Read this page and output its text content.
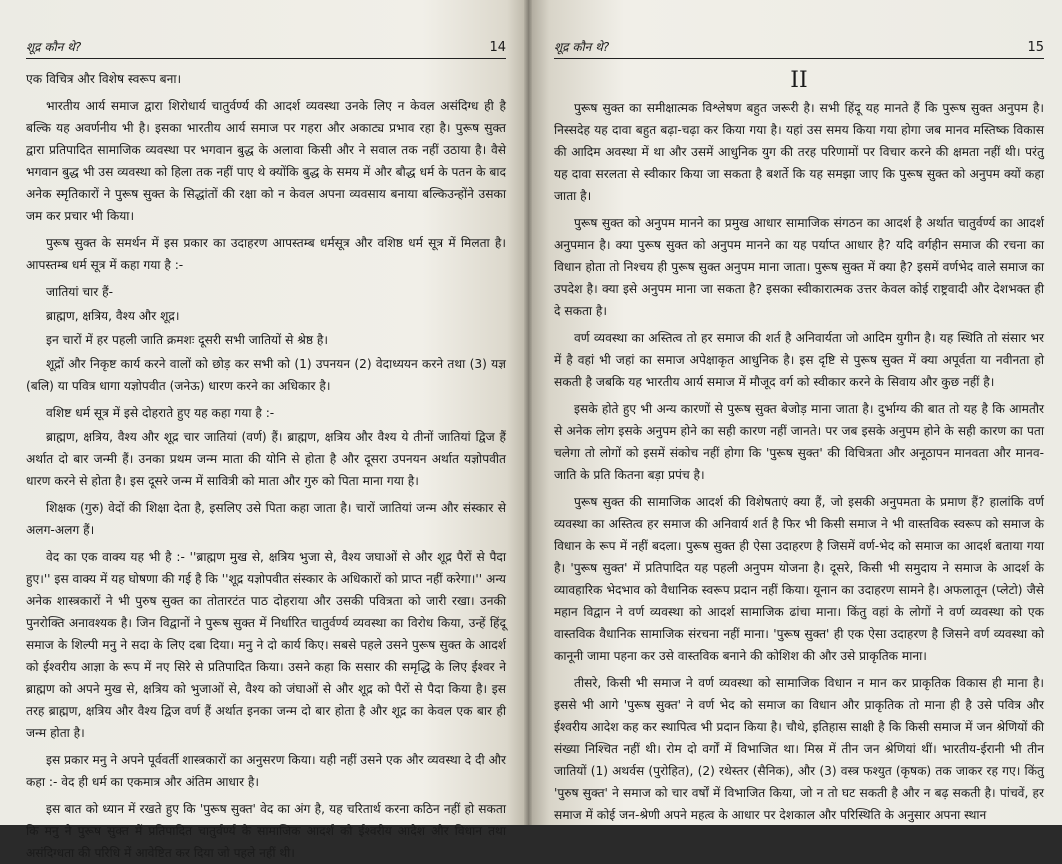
शूद्र कौन थे?	14

एक विचित्र और विशेष स्वरूप बना।

भारतीय आर्य समाज द्वारा शिरोधार्य चातुर्वर्ण्य की आदर्श व्यवस्था उनके लिए न केवल असंदिग्ध ही है बल्कि यह अवर्णनीय भी है। इसका भारतीय आर्य समाज पर गहरा और अकाट्य प्रभाव रहा है। पुरूष सुक्त द्वारा प्रतिपादित सामाजिक व्यवस्था पर भगवान बुद्ध के अलावा किसी और ने सवाल तक नहीं उठाया है। वैसे भगवान बुद्ध भी उस व्यवस्था को हिला तक नहीं पाए थे क्योंकि बुद्ध के समय में और बौद्ध धर्म के पतन के बाद अनेक स्मृतिकारों ने पुरूष सुक्त के सिद्धांतों की रक्षा को न केवल अपना व्यवसाय बनाया बल्किउन्होंने उसका जम कर प्रचार भी किया।

पुरूष सुक्त के समर्थन में इस प्रकार का उदाहरण आपस्तम्ब धर्मसूत्र और वशिष्ठ धर्म सूत्र में मिलता है। आपस्तम्ब धर्म सूत्र में कहा गया है :-

जातियां चार हैं-

ब्राह्मण, क्षत्रिय, वैश्य और शूद्र।

इन चारों में हर पहली जाति क्रमशः दूसरी सभी जातियों से श्रेष्ठ है।

शूद्रों और निकृष्ट कार्य करने वालों को छोड़ कर सभी को (1) उपनयन (2) वेदाध्ययन करने तथा (3) यज्ञ (बलि) या पवित्र धागा यज्ञोपवीत (जनेऊ) धारण करने का अधिकार है।

वशिष्ट धर्म सूत्र में इसे दोहराते हुए यह कहा गया है :-

ब्राह्मण, क्षत्रिय, वैश्य और शूद्र चार जातियां (वर्ण) हैं। ब्राह्मण, क्षत्रिय और वैश्य ये तीनों जातियां द्विज हैं अर्थात दो बार जन्मी हैं। उनका प्रथम जन्म माता की योनि से होता है और दूसरा उपनयन अर्थात यज्ञोपवीत धारण करने से होता है। इस दूसरे जन्म में सावित्री को माता और गुरु को पिता माना गया है।

शिक्षक (गुरु) वेदों की शिक्षा देता है, इसलिए उसे पिता कहा जाता है। चारों जातियां जन्म और संस्कार से अलग-अलग हैं।

वेद का एक वाक्य यह भी है :- ''ब्राह्मण मुख से, क्षत्रिय भुजा से, वैश्य जघाओं से और शूद्र पैरों से पैदा हुए।'' इस वाक्य में यह घोषणा की गई है कि ''शूद्र यज्ञोपवीत संस्कार के अधिकारों को प्राप्त नहीं करेगा।'' अन्य अनेक शास्त्रकारों ने भी पुरुष सुक्त का तोतारटंत पाठ दोहराया और उसकी पवित्रता को जारी रखा। उनकी पुनरोक्ति अनावश्यक है। जिन विद्वानों ने पुरूष सुक्त में निर्धारित चातुर्वर्ण्य व्यवस्था का विरोध किया, उन्हें हिंदू समाज के शिल्पी मनु ने सदा के लिए दबा दिया। मनु ने दो कार्य किए। सबसे पहले उसने पुरूष सुक्त के आदर्श को ईश्वरीय आज्ञा के रूप में नए सिरे से प्रतिपादित किया। उसने कहा कि ससार की समृद्धि के लिए ईश्वर ने ब्राह्मण को अपने मुख से, क्षत्रिय को भुजाओं से, वैश्य को जंघाओं से और शूद्र को पैरों से पैदा किया है। इस तरह ब्राह्मण, क्षत्रिय और वैश्य द्विज वर्ण हैं अर्थात इनका जन्म दो बार होता है और शूद्र का केवल एक बार ही जन्म होता है।

इस प्रकार मनु ने अपने पूर्ववर्ती शास्त्रकारों का अनुसरण किया। यही नहीं उसने एक और व्यवस्था दे दी और कहा :- वेद ही धर्म का एकमात्र और अंतिम आधार है।

इस बात को ध्यान में रखते हुए कि 'पुरूष सुक्त' वेद का अंग है, यह चरितार्थ करना कठिन नहीं हो सकता कि मनु ने पुरूष सुक्त में प्रतिपादित चातुर्वर्ण्य के सामाजिक आदर्श को ईश्वरीय आदेश और विधान तथा असंदिग्धता की परिधि में आवेष्टित कर दिया जो पहले नहीं थी।

शूद्र कौन थे?	15
II

पुरूष सुक्त का समीक्षात्मक विश्लेषण बहुत जरूरी है। सभी हिंदू यह मानते हैं कि पुरूष सुक्त अनुपम है। निस्सदेह यह दावा बहुत बढ़ा-चढ़ा कर किया गया है। यहां उस समय किया गया होगा जब मानव मस्तिष्क विकास की आदिम अवस्था में था और उसमें आधुनिक युग की तरह परिणामों पर विचार करने की क्षमता नहीं थी। परंतु यह दावा सरलता से स्वीकार किया जा सकता है बशर्ते कि यह समझा जाए कि पुरूष सुक्त को अनुपम क्यों कहा जाता है।

पुरूष सुक्त को अनुपम मानने का प्रमुख आधार सामाजिक संगठन का आदर्श है अर्थात चातुर्वर्ण्य का आदर्श अनुपमान है। क्या पुरूष सुक्त को अनुपम मानने का यह पर्याप्त आधार है? यदि वर्गहीन समाज की रचना का विधान होता तो निश्चय ही पुरूष सुक्त अनुपम माना जाता। पुरूष सुक्त में क्या है? इसमें वर्णभेद वाले समाज का उपदेश है। क्या इसे अनुपम माना जा सकता है? इसका स्वीकारात्मक उत्तर केवल कोई राष्ट्रवादी और देशभक्त ही दे सकता है।

वर्ण व्यवस्था का अस्तित्व तो हर समाज की शर्त है अनिवार्यता जो आदिम युगीन है। यह स्थिति तो संसार भर में है वहां भी जहां का समाज अपेक्षाकृत आधुनिक है। इस दृष्टि से पुरूष सुक्त में क्या अपूर्वता या नवीनता हो सकती है जबकि यह भारतीय आर्य समाज में मौजूद वर्ग को स्वीकार करने के सिवाय और कुछ नहीं है।

इसके होते हुए भी अन्य कारणों से पुरूष सुक्त बेजोड़ माना जाता है। दुर्भाग्य की बात तो यह है कि आमतौर से अनेक लोग इसके अनुपम होने का सही कारण नहीं जानते। पर जब इसके अनुपम होने के सही कारण का पता चलेगा तो लोगों को इसमें संकोच नहीं होगा कि 'पुरूष सुक्त' की विचित्रता और अनूठापन मानवता और मानव-जाति के प्रति कितना बड़ा प्रपंच है।

पुरूष सुक्त की सामाजिक आदर्श की विशेषताएं क्या हैं, जो इसकी अनुपमता के प्रमाण हैं? हालांकि वर्ण व्यवस्था का अस्तित्व हर समाज की अनिवार्य शर्त है फिर भी किसी समाज ने भी वास्तविक स्वरूप को समाज के विधान के रूप में नहीं बदला। पुरूष सुक्त ही ऐसा उदाहरण है जिसमें वर्ण-भेद को समाज का आदर्श बताया गया है। 'पुरूष सुक्त' में प्रतिपादित यह पहली अनुपम योजना है। दूसरे, किसी भी समुदाय ने समाज के आदर्श के व्यावहारिक भेदभाव को वैधानिक स्वरूप प्रदान नहीं किया। यूनान का उदाहरण सामने है। अफलातून (प्लेटो) जैसे महान विद्वान ने वर्ण व्यवस्था को आदर्श सामाजिक ढांचा माना। किंतु वहां के लोगों ने वर्ण व्यवस्था को एक वास्तविक वैधानिक सामाजिक संरचना नहीं माना। 'पुरूष सुक्त' ही एक ऐसा उदाहरण है जिसने वर्ण व्यवस्था को कानूनी जामा पहना कर उसे वास्तविक बनाने की कोशिश की और उसे प्राकृतिक माना।

तीसरे, किसी भी समाज ने वर्ण व्यवस्था को सामाजिक विधान न मान कर प्राकृतिक विकास ही माना है। इससे भी आगे 'पुरूष सुक्त' ने वर्ण भेद को समाज का विधान और प्राकृतिक तो माना ही है उसे पवित्र और ईश्वरीय आदेश कह कर स्थापित्व भी प्रदान किया है। चौथे, इतिहास साक्षी है कि किसी समाज में जन श्रेणियों की संख्या निश्चित नहीं थी। रोम दो वर्गों में विभाजित था। मिस्र में तीन जन श्रेणियां थीं। भारतीय-ईरानी भी तीन जातियों (1) अथर्वस (पुरोहित), (2) रथेस्तर (सैनिक), और (3) वस्त्र फश्युत (कृषक) तक जाकर रह गए। किंतु 'पुरुष सुक्त' ने समाज को चार वर्षों में विभाजित किया, जो न तो घट सकती है और न बढ़ सकती है। पांचवें, हर समाज में कोई जन-श्रेणी अपने महत्व के आधार पर देशकाल और परिस्थिति के अनुसार अपना स्थान
